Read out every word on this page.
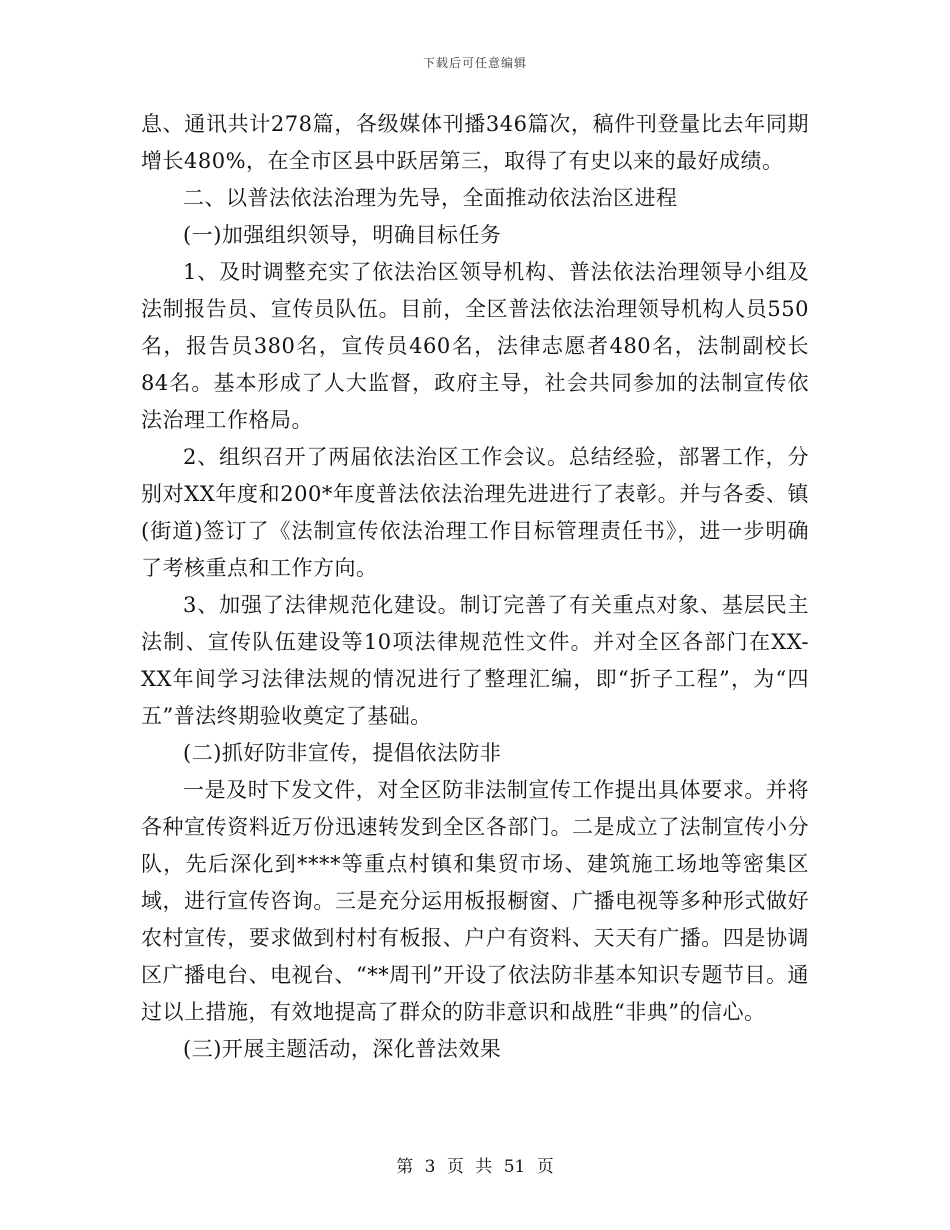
下载后可任意编辑

息、通讯共计278篇，各级媒体刊播346篇次，稿件刊登量比去年同期增长480%，在全市区县中跃居第三，取得了有史以来的最好成绩。

二、以普法依法治理为先导，全面推动依法治区进程

(一)加强组织领导，明确目标任务

1、及时调整充实了依法治区领导机构、普法依法治理领导小组及法制报告员、宣传员队伍。目前，全区普法依法治理领导机构人员550名，报告员380名，宣传员460名，法律志愿者480名，法制副校长84名。基本形成了人大监督，政府主导，社会共同参加的法制宣传依法治理工作格局。

2、组织召开了两届依法治区工作会议。总结经验，部署工作，分别对XX年度和200*年度普法依法治理先进进行了表彰。并与各委、镇(街道)签订了《法制宣传依法治理工作目标管理责任书》，进一步明确了考核重点和工作方向。

3、加强了法律规范化建设。制订完善了有关重点对象、基层民主法制、宣传队伍建设等10项法律规范性文件。并对全区各部门在XX-XX年间学习法律法规的情况进行了整理汇编，即“折子工程”，为“四五”普法终期验收奠定了基础。

(二)抓好防非宣传，提倡依法防非

一是及时下发文件，对全区防非法制宣传工作提出具体要求。并将各种宣传资料近万份迅速转发到全区各部门。二是成立了法制宣传小分队，先后深化到****等重点村镇和集贸市场、建筑施工场地等密集区域，进行宣传咨询。三是充分运用板报橱窗、广播电视等多种形式做好农村宣传，要求做到村村有板报、户户有资料、天天有广播。四是协调区广播电台、电视台、“**周刊”开设了依法防非基本知识专题节目。通过以上措施，有效地提高了群众的防非意识和战胜“非典”的信心。

(三)开展主题活动，深化普法效果

第 3 页 共 51 页
